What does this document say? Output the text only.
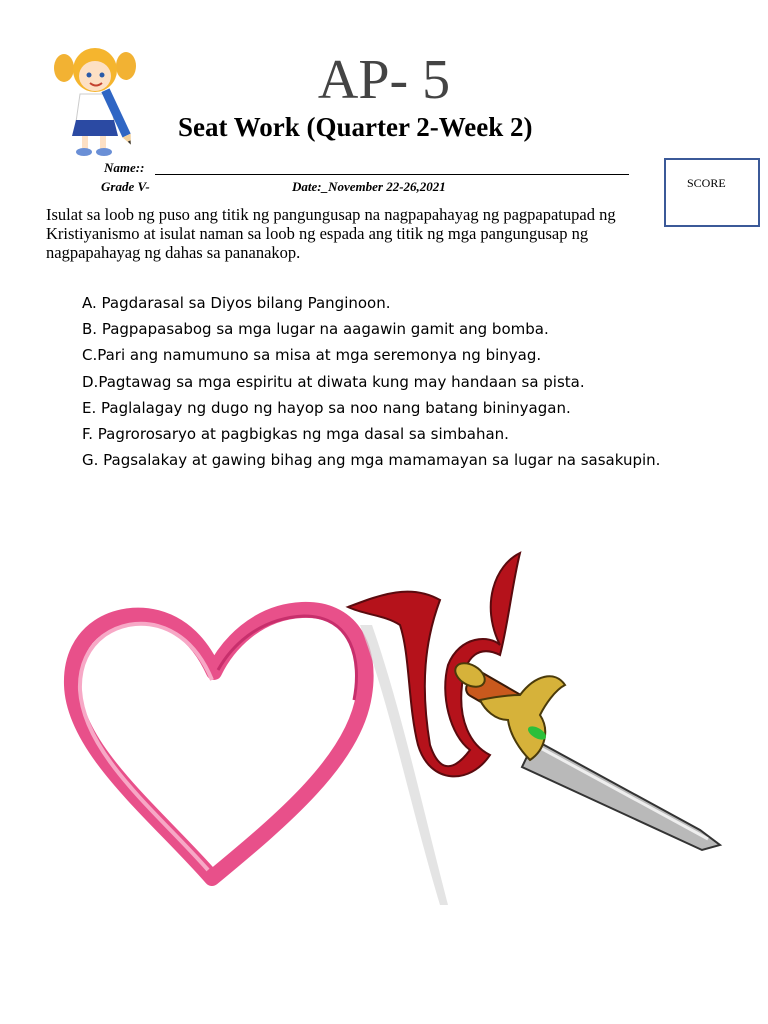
AP- 5
Seat Work (Quarter 2-Week 2)
Name::
Grade V-	Date:_November 22-26,2021	SCORE
Isulat sa loob ng puso ang titik ng pangungusap na nagpapahayag ng pagpapatupad ng Kristiyanismo at isulat naman sa loob ng espada ang titik ng mga pangungusap ng nagpapahayag ng dahas sa pananakop.
A. Pagdarasal sa Diyos bilang Panginoon.
B. Pagpapasabog sa mga lugar na aagawin gamit ang bomba.
C.Pari ang namumuno sa misa at mga seremonya ng binyag.
D.Pagtawag sa mga espiritu at diwata kung may handaan sa pista.
E. Paglalagay ng dugo ng hayop sa noo nang batang bininyagan.
F. Pagrorosaryo at pagbigkas ng mga dasal sa simbahan.
G. Pagsalakay at gawing bihag ang mga mamamayan sa lugar na sasakupin.
